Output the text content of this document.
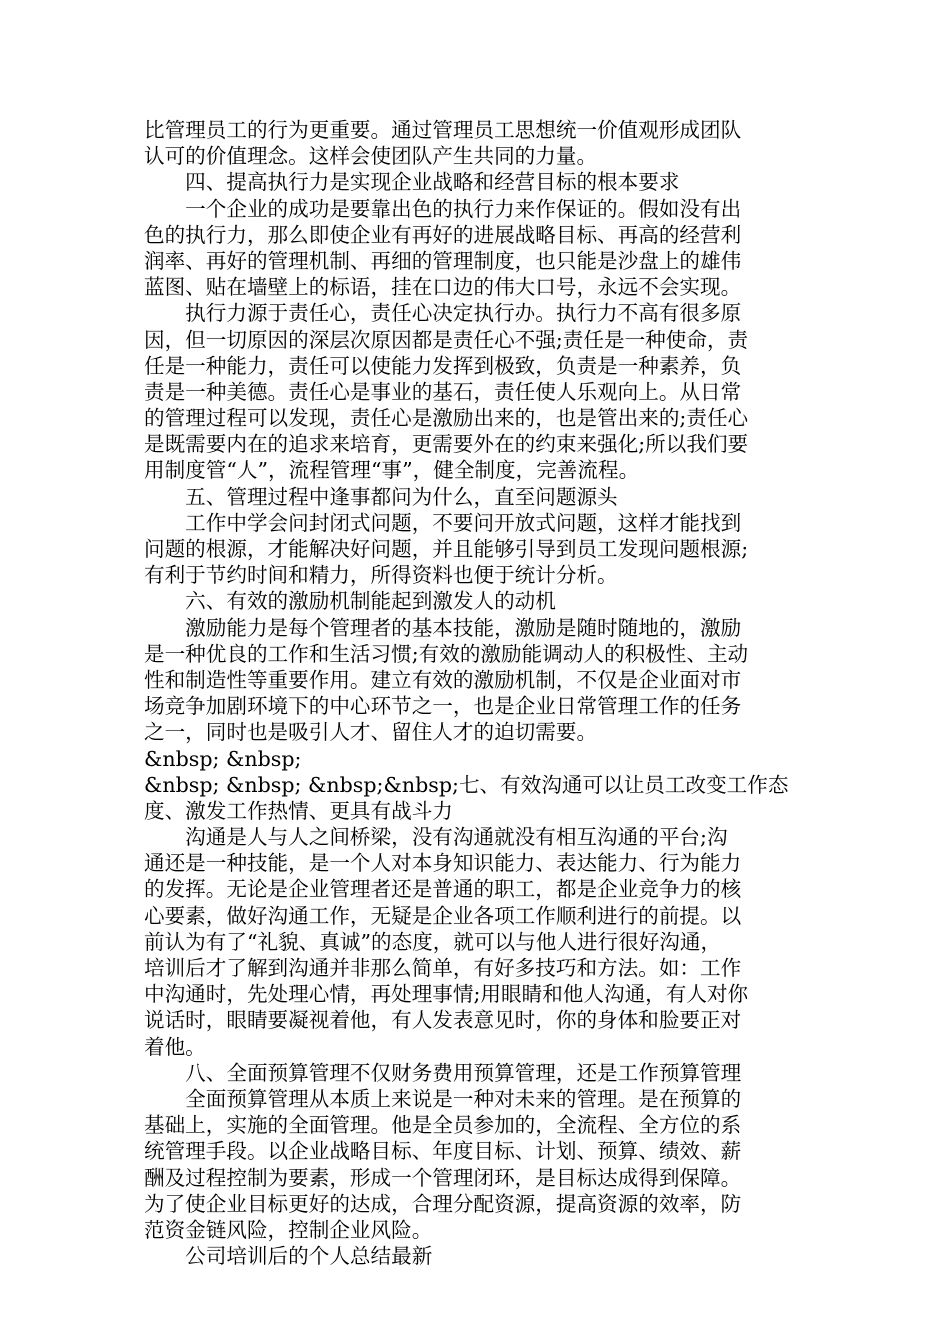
比管理员工的行为更重要。通过管理员工思想统一价值观形成团队
认可的价值理念。这样会使团队产生共同的力量。
　　四、提高执行力是实现企业战略和经营目标的根本要求
　　一个企业的成功是要靠出色的执行力来作保证的。假如没有出
色的执行力，那么即使企业有再好的进展战略目标、再高的经营利
润率、再好的管理机制、再细的管理制度，也只能是沙盘上的雄伟
蓝图、贴在墙壁上的标语，挂在口边的伟大口号，永远不会实现。
　　执行力源于责任心，责任心决定执行办。执行力不高有很多原
因，但一切原因的深层次原因都是责任心不强;责任是一种使命，责
任是一种能力，责任可以使能力发挥到极致，负责是一种素养，负
责是一种美德。责任心是事业的基石，责任使人乐观向上。从日常
的管理过程可以发现，责任心是激励出来的，也是管出来的;责任心
是既需要内在的追求来培育，更需要外在的约束来强化;所以我们要
用制度管“人”，流程管理“事”，健全制度，完善流程。
　　五、管理过程中逢事都问为什么，直至问题源头
　　工作中学会问封闭式问题，不要问开放式问题，这样才能找到
问题的根源，才能解决好问题，并且能够引导到员工发现问题根源;
有利于节约时间和精力，所得资料也便于统计分析。
　　六、有效的激励机制能起到激发人的动机
　　激励能力是每个管理者的基本技能，激励是随时随地的，激励
是一种优良的工作和生活习惯;有效的激励能调动人的积极性、主动
性和制造性等重要作用。建立有效的激励机制，不仅是企业面对市
场竞争加剧环境下的中心环节之一，也是企业日常管理工作的任务
之一，同时也是吸引人才、留住人才的迫切需要。
&nbsp; &nbsp;
&nbsp; &nbsp; &nbsp;&nbsp;七、有效沟通可以让员工改变工作态
度、激发工作热情、更具有战斗力
　　沟通是人与人之间桥梁，没有沟通就没有相互沟通的平台;沟
通还是一种技能，是一个人对本身知识能力、表达能力、行为能力
的发挥。无论是企业管理者还是普通的职工，都是企业竞争力的核
心要素，做好沟通工作，无疑是企业各项工作顺利进行的前提。以
前认为有了“礼貌、真诚”的态度，就可以与他人进行很好沟通，
培训后才了解到沟通并非那么简单，有好多技巧和方法。如：工作
中沟通时，先处理心情，再处理事情;用眼睛和他人沟通，有人对你
说话时，眼睛要凝视着他，有人发表意见时，你的身体和脸要正对
着他。
　　八、全面预算管理不仅财务费用预算管理，还是工作预算管理
　　全面预算管理从本质上来说是一种对未来的管理。是在预算的
基础上，实施的全面管理。他是全员参加的，全流程、全方位的系
统管理手段。以企业战略目标、年度目标、计划、预算、绩效、薪
酬及过程控制为要素，形成一个管理闭环，是目标达成得到保障。
为了使企业目标更好的达成，合理分配资源，提高资源的效率，防
范资金链风险，控制企业风险。
　　公司培训后的个人总结最新
